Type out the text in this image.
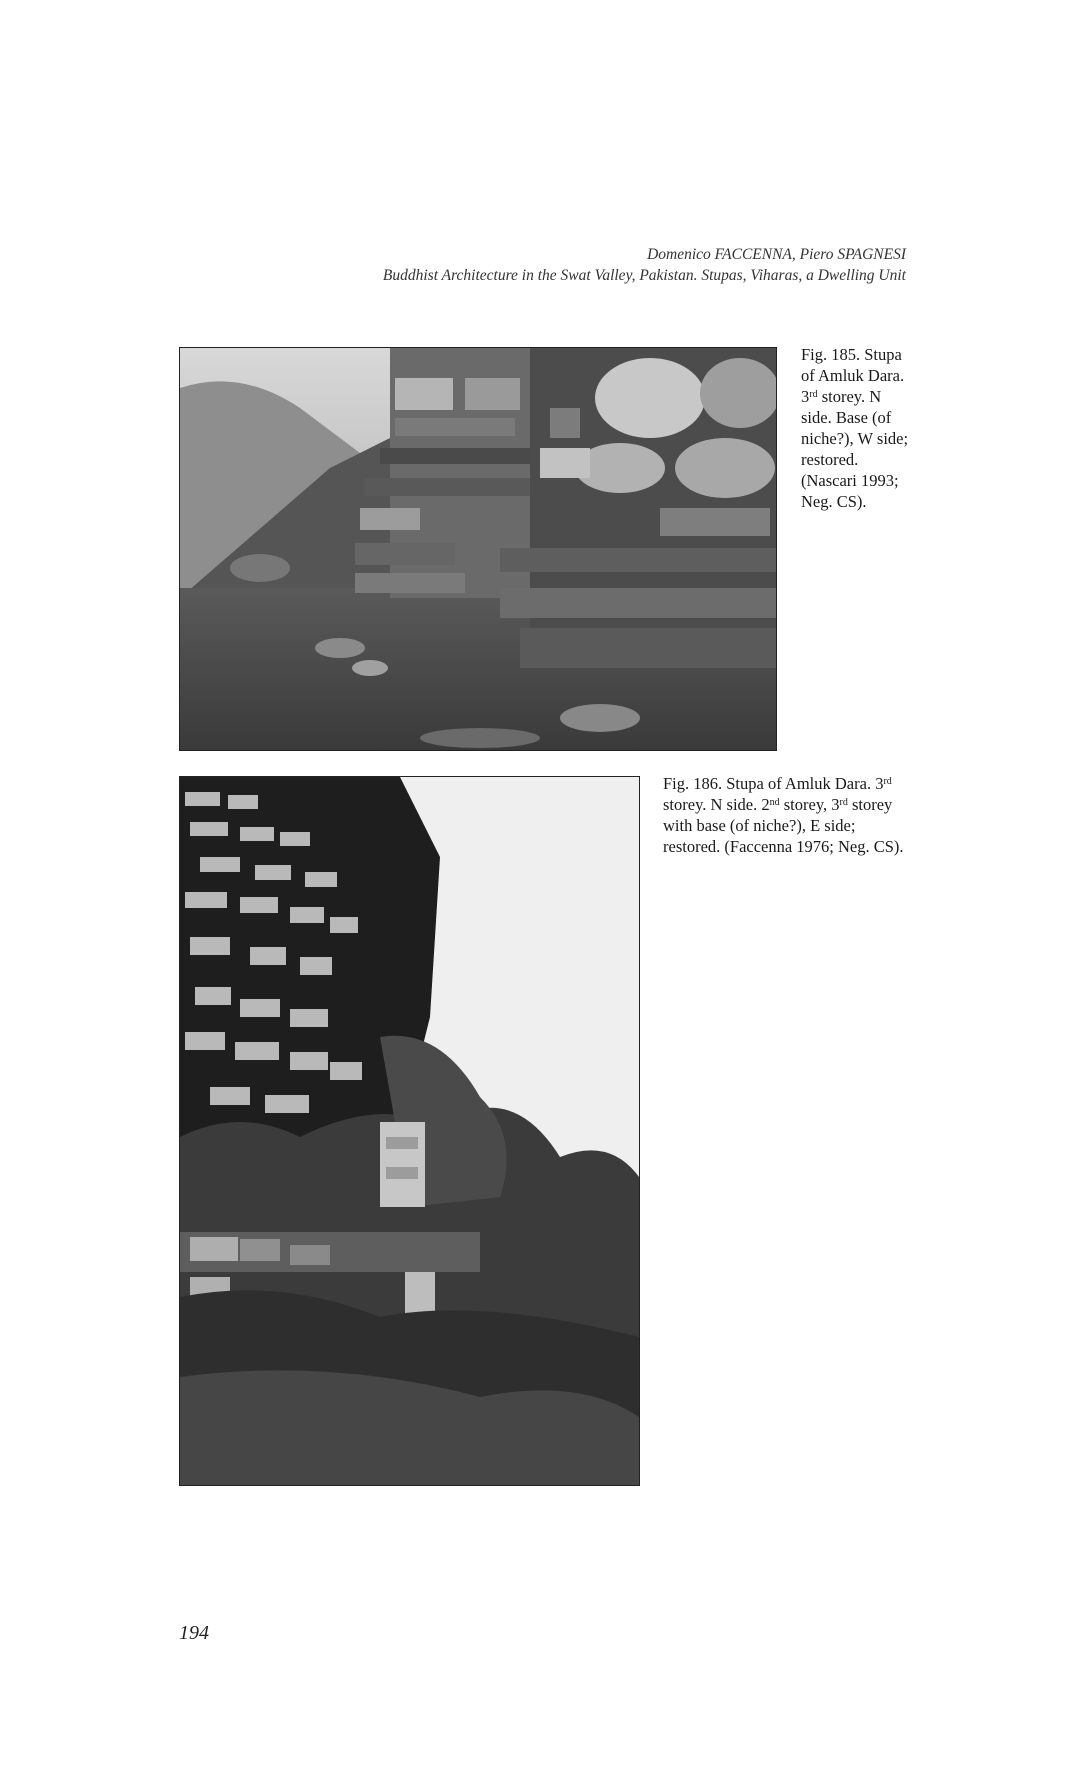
Domenico FACCENNA, Piero SPAGNESI
Buddhist Architecture in the Swat Valley, Pakistan. Stupas, Viharas, a Dwelling Unit
Fig. 185. Stupa of Amluk Dara. 3rd storey. N side. Base (of niche?), W side; restored. (Nascari 1993; Neg. CS).
Fig. 186. Stupa of Amluk Dara. 3rd storey. N side. 2nd storey, 3rd storey with base (of niche?), E side; restored. (Faccenna 1976; Neg. CS).
194
